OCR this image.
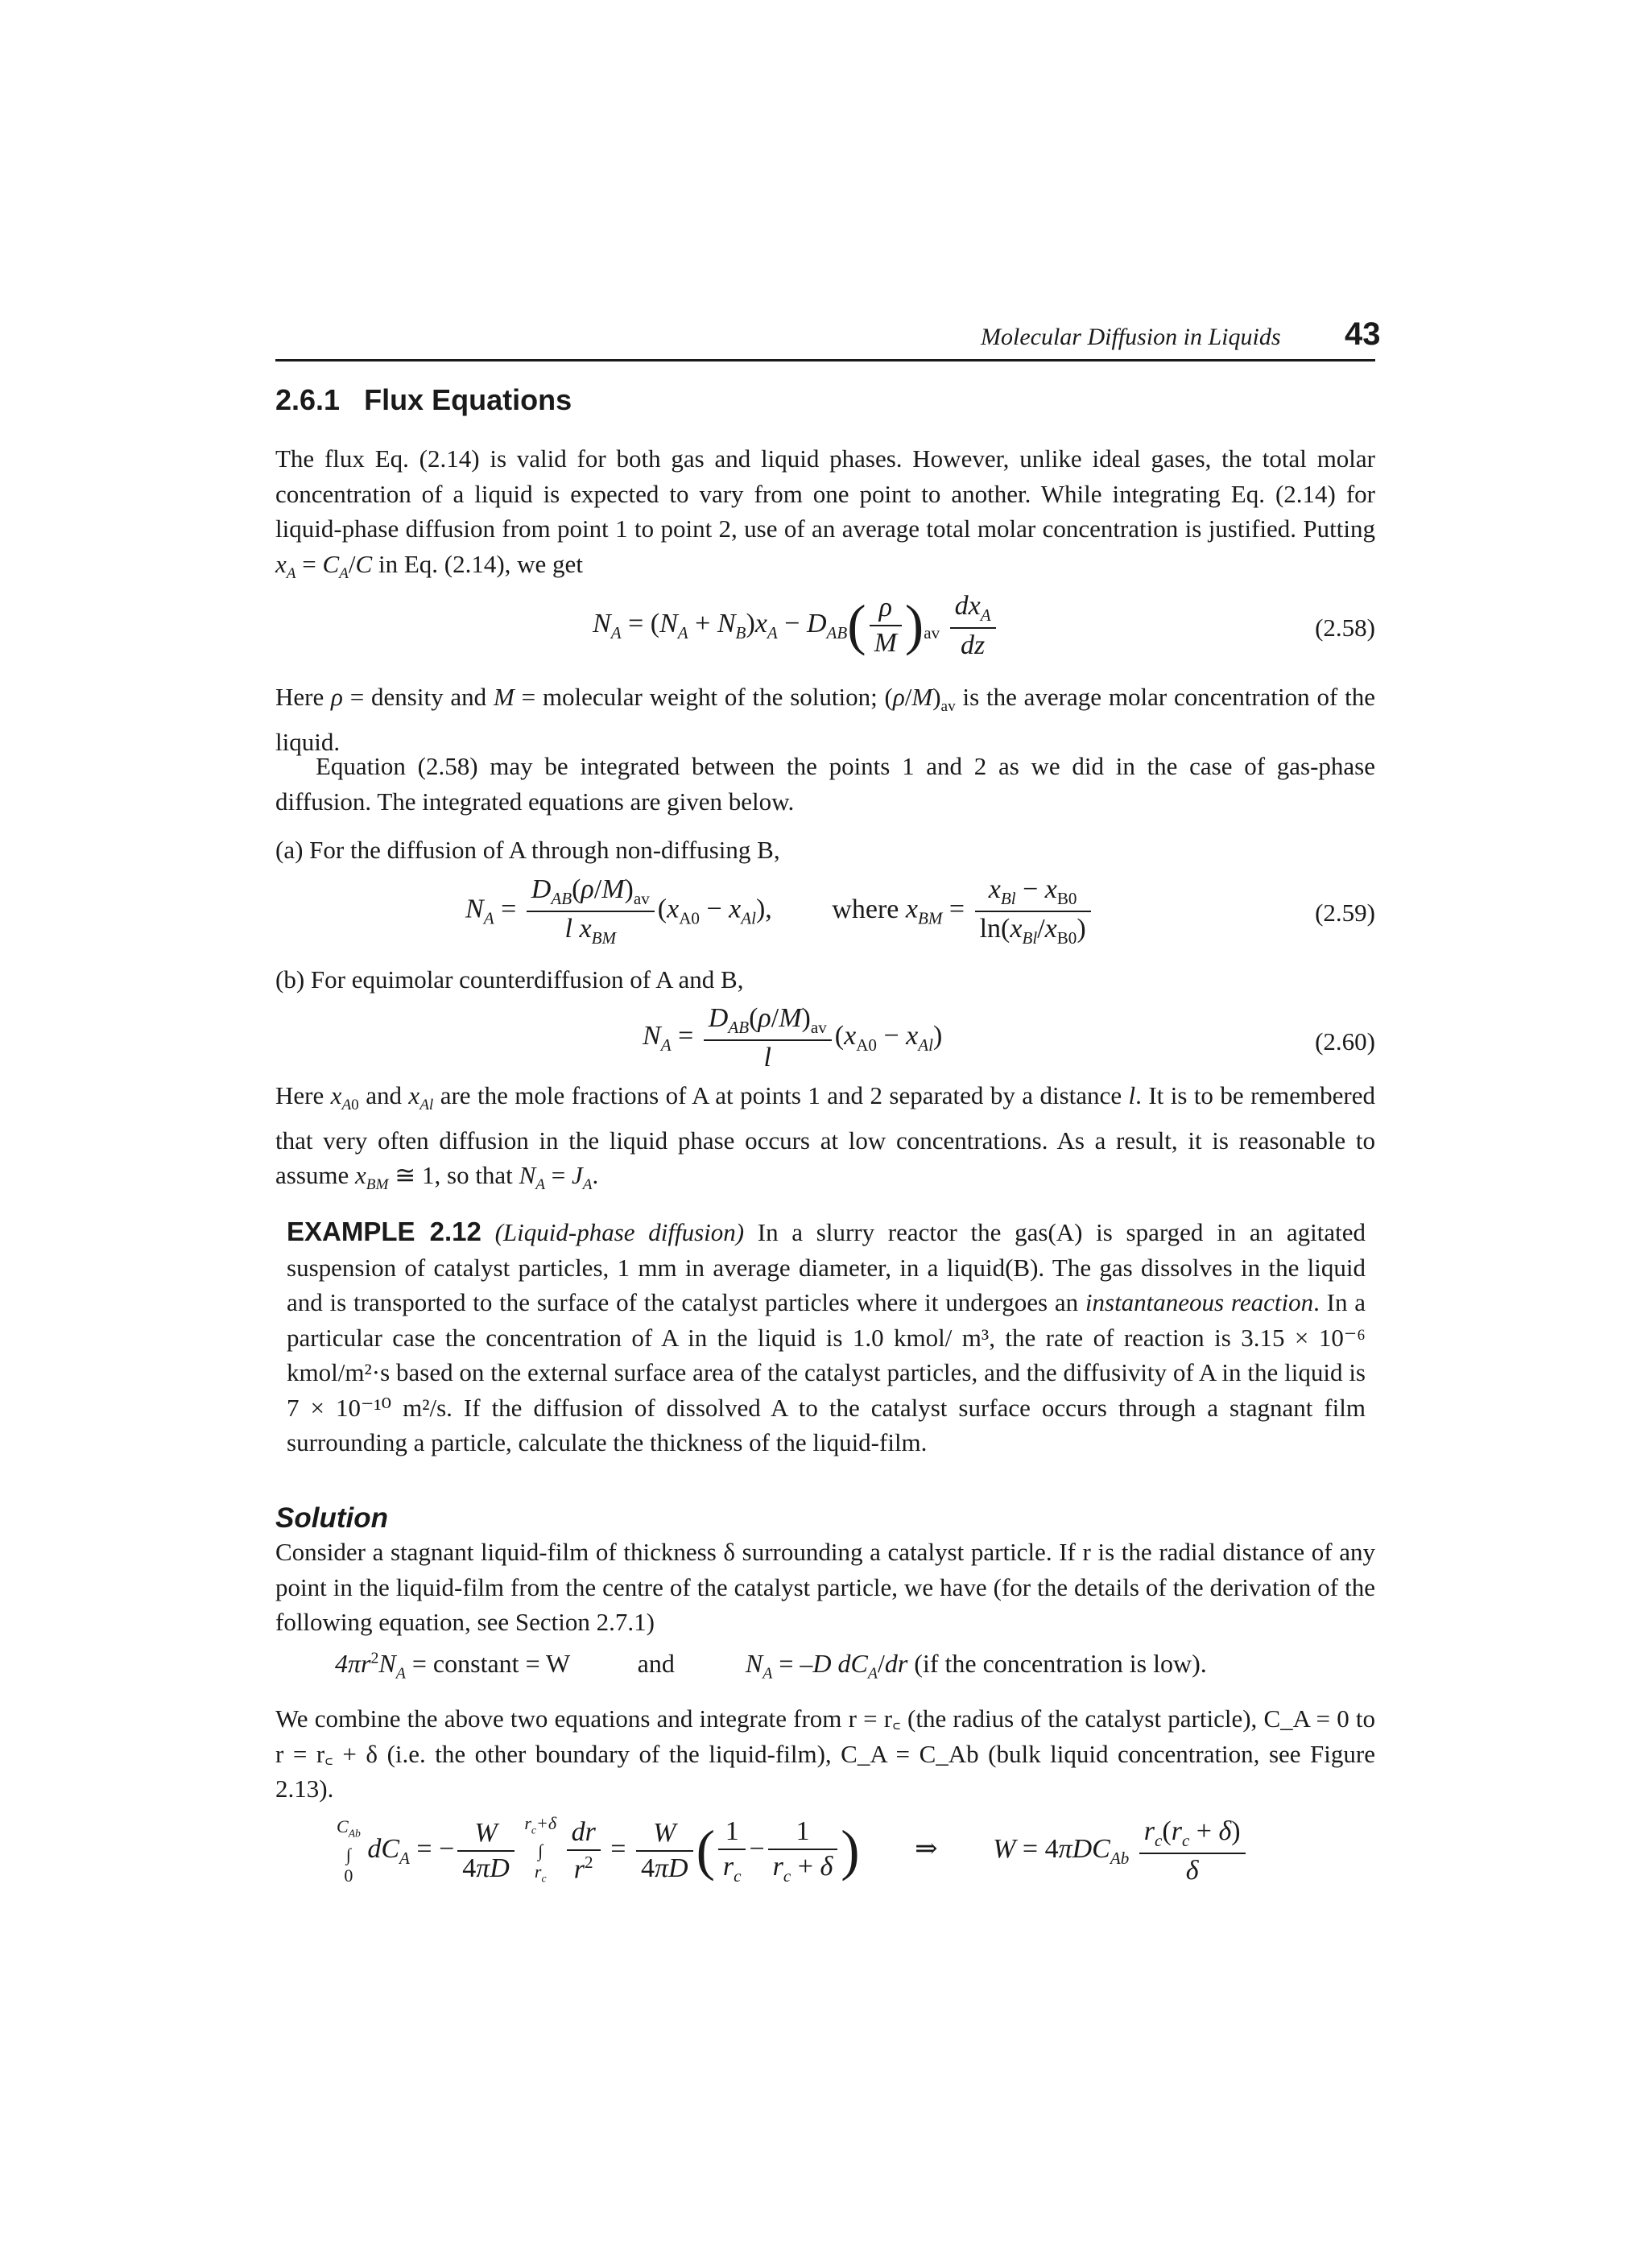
Molecular Diffusion in Liquids 43
2.6.1   Flux Equations
The flux Eq. (2.14) is valid for both gas and liquid phases. However, unlike ideal gases, the total molar concentration of a liquid is expected to vary from one point to another. While integrating Eq. (2.14) for liquid-phase diffusion from point 1 to point 2, use of an average total molar concentration is justified. Putting $x_A = C_A/C$ in Eq. (2.14), we get
$N_A = (N_A + N_B)x_A - D_{AB}( \frac{\rho}{M} )_{av} \frac{dx_A}{dz}$	(2.58)
Here ρ = density and M = molecular weight of the solution; $(\rho/M)_{av}$ is the average molar concentration of the liquid.
Equation (2.58) may be integrated between the points 1 and 2 as we did in the case of gas-phase diffusion. The integrated equations are given below.
(a) For the diffusion of A through non-diffusing B,
$N_A = \frac{D_{AB}(\rho/M)_{av}}{l x_{BM}} (x_{A0} - x_{Al})$, where $x_{BM} = \frac{x_{Bl} - x_{B0}}{\ln(x_{Bl}/x_{B0})}$	(2.59)
(b) For equimolar counterdiffusion of A and B,
$N_A = \frac{D_{AB}(\rho/M)_{av}}{l} (x_{A0} - x_{Al})$	(2.60)
Here $x_{A0}$ and $x_{Al}$ are the mole fractions of A at points 1 and 2 separated by a distance l. It is to be remembered that very often diffusion in the liquid phase occurs at low concentrations. As a result, it is reasonable to assume $x_{BM}$ ≅ 1, so that $N_A = J_A$.
EXAMPLE 2.12 (Liquid-phase diffusion) In a slurry reactor the gas(A) is sparged in an agitated suspension of catalyst particles, 1 mm in average diameter, in a liquid(B). The gas dissolves in the liquid and is transported to the surface of the catalyst particles where it undergoes an instantaneous reaction. In a particular case the concentration of A in the liquid is 1.0 kmol/ m³, the rate of reaction is 3.15 × 10⁻⁶ kmol/m²·s based on the external surface area of the catalyst particles, and the diffusivity of A in the liquid is 7 × 10⁻¹⁰ m²/s. If the diffusion of dissolved A to the catalyst surface occurs through a stagnant film surrounding a particle, calculate the thickness of the liquid-film.
Solution
Consider a stagnant liquid-film of thickness δ surrounding a catalyst particle. If r is the radial distance of any point in the liquid-film from the centre of the catalyst particle, we have (for the details of the derivation of the following equation, see Section 2.7.1)
$4\pi r^2N_A$ = constant = W	and	$N_A = -D$ $dC_A/dr$ (if the concentration is low).
We combine the above two equations and integrate from r = r꜀ (the radius of the catalyst particle), C_A = 0 to r = r꜀ + δ (i.e. the other boundary of the liquid-film), C_A = C_Ab (bulk liquid concentration, see Figure 2.13).
$C_{Ab}$
∫
0
$dC_A$ = − $\frac{W}{4\pi D}$
$r_c+\delta$
∫
$r_c$
$\frac{dr}{r^2} = \frac{W}{4\pi D}$ ( $\frac{1}{r_c} - \frac{1}{r_c + \delta}$ ) ⇒ $W = 4\pi DC_{Ab} \frac{r_c(r_c + \delta)}{\delta}$
